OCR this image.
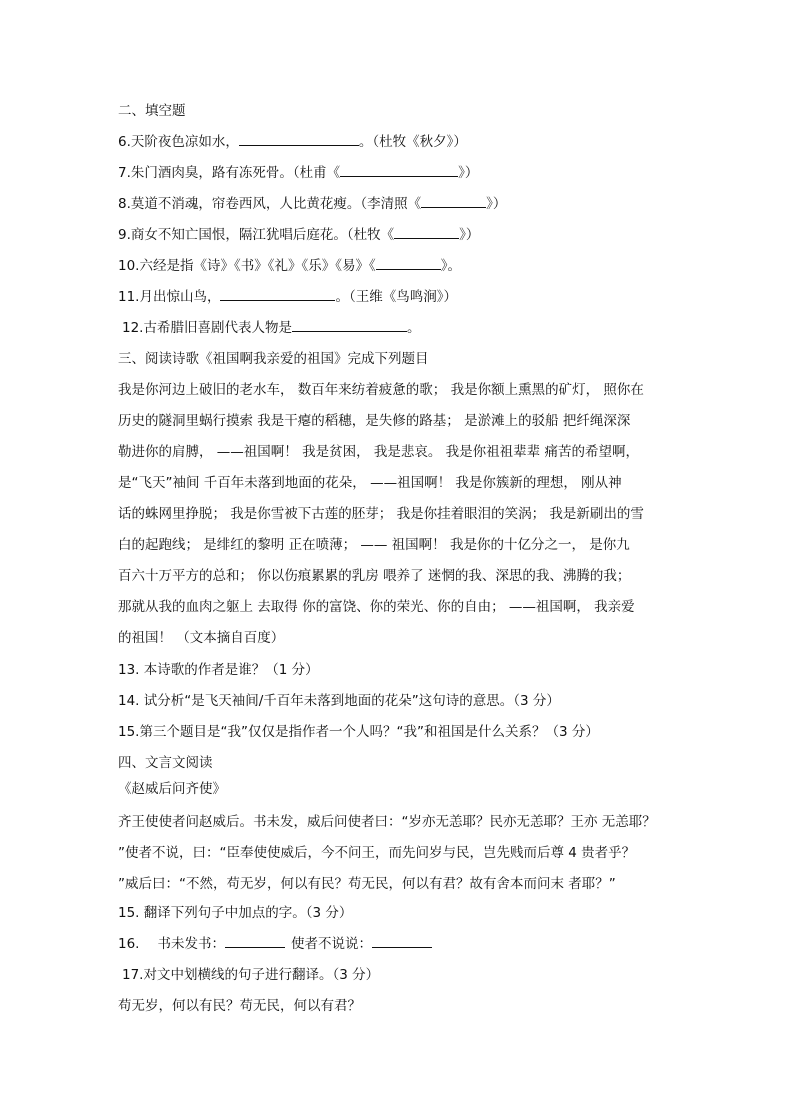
二、填空题
6.天阶夜色凉如水，	。（杜牧《秋夕》）
7.朱门酒肉臭，路有冻死骨。（杜甫《	》）
8.莫道不消魂，帘卷西风，人比黄花瘦。（李清照《	》）
9.商女不知亡国恨，隔江犹唱后庭花。（杜牧《	》）
10.六经是指《诗》《书》《礼》《乐》《易》《	》。
11.月出惊山鸟，	。（王维《鸟鸣涧》）
12.古希腊旧喜剧代表人物是	。
三、阅读诗歌《祖国啊我亲爱的祖国》完成下列题目
我是你河边上破旧的老水车， 数百年来纺着疲惫的歌； 我是你额上熏黑的矿灯， 照你在
历史的隧洞里蜗行摸索 我是干瘪的稻穗，是失修的路基； 是淤滩上的驳船 把纤绳深深
勒进你的肩膊， ——祖国啊！ 我是贫困， 我是悲哀。 我是你祖祖辈辈 痛苦的希望啊，
是“飞天”袖间 千百年未落到地面的花朵， ——祖国啊！ 我是你簇新的理想， 刚从神
话的蛛网里挣脱； 我是你雪被下古莲的胚芽； 我是你挂着眼泪的笑涡； 我是新刷出的雪
白的起跑线； 是绯红的黎明 正在喷薄； —— 祖国啊！ 我是你的十亿分之一， 是你九
百六十万平方的总和； 你以伤痕累累的乳房 喂养了 迷惘的我、深思的我、沸腾的我；
那就从我的血肉之躯上 去取得 你的富饶、你的荣光、你的自由； ——祖国啊， 我亲爱
的祖国！ （文本摘自百度）
13. 本诗歌的作者是谁？（1 分）
14. 试分析“是飞天袖间/千百年未落到地面的花朵”这句诗的意思。（3 分）
15.第三个题目是“我”仅仅是指作者一个人吗？“我”和祖国是什么关系？（3 分）
四、文言文阅读
《赵威后问齐使》
齐王使使者问赵威后。书未发，威后问使者曰：“岁亦无恙耶？民亦无恙耶？王亦 无恙耶？
”使者不说，曰：“臣奉使使威后，今不问王，而先问岁与民，岂先贱而后尊 4 贵者乎？
”威后曰：“不然，苟无岁，何以有民？苟无民，何以有君？故有舍本而问末 者耶？”
15. 翻译下列句子中加点的字。（3 分）
16. 书未发书：	使者不说说：
17.对文中划横线的句子进行翻译。（3 分）
苟无岁，何以有民？苟无民，何以有君？
